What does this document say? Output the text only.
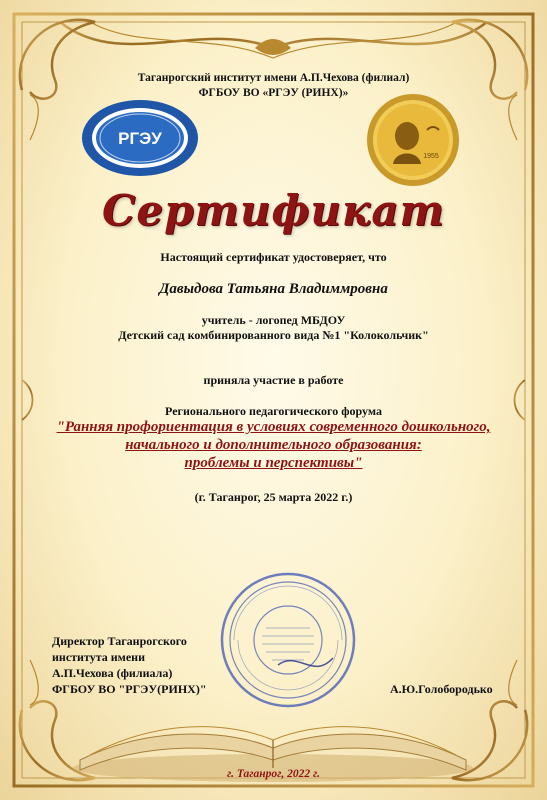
Таганрогский институт имени А.П.Чехова (филиал)
ФГБОУ ВО «РГЭУ (РИНХ)»
РГЭУ
1955
Сертификат
Настоящий сертификат удостоверяет, что
Давыдова Татьяна Владиммровна
учитель - логопед МБДОУ
Детский сад комбинированного вида №1 "Колокольчик"
приняла участие в работе
Регионального педагогического форума
"Ранняя профориентация в условиях современного дошкольного,
начального и дополнительного образования:
проблемы и перспективы"
(г. Таганрог, 25 марта 2022 г.)
Директор Таганрогского
института имени
А.П.Чехова (филиала)
ФГБОУ ВО "РГЭУ(РИНХ)"	А.Ю.Голобородько
г. Таганрог, 2022 г.
